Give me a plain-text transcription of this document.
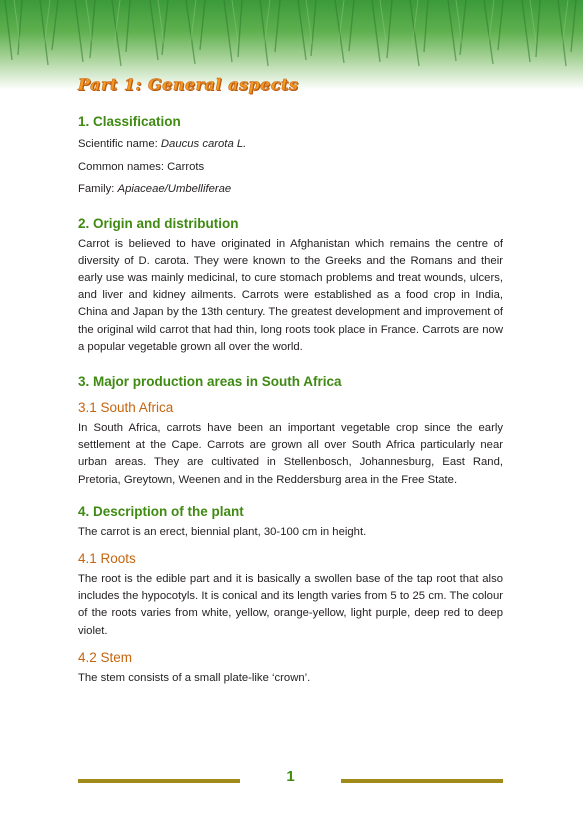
Part 1: General aspects
1. Classification

Scientific name: Daucus carota L.

Common names: Carrots

Family: Apiaceae/Umbelliferae

2. Origin and distribution

Carrot is believed to have originated in Afghanistan which remains the centre of diversity of D. carota. They were known to the Greeks and the Romans and their early use was mainly medicinal, to cure stomach problems and treat wounds, ulcers, and liver and kidney ailments. Carrots were established as a food crop in India, China and Japan by the 13th century. The greatest development and improvement of the original wild carrot that had thin, long roots took place in France. Carrots are now a popular vegetable grown all over the world.

3. Major production areas in South Africa
3.1 South Africa

In South Africa, carrots have been an important vegetable crop since the early settlement at the Cape. Carrots are grown all over South Africa particularly near urban areas. They are cultivated in Stellenbosch, Johannesburg, East Rand, Pretoria, Greytown, Weenen and in the Reddersburg area in the Free State.

4. Description of the plant

The carrot is an erect, biennial plant, 30-100 cm in height.

4.1 Roots

The root is the edible part and it is basically a swollen base of the tap root that also includes the hypocotyls. It is conical and its length varies from 5 to 25 cm. The colour of the roots varies from white, yellow, orange-yellow, light purple, deep red to deep violet.

4.2 Stem

The stem consists of a small plate-like ‘crown’.

1
